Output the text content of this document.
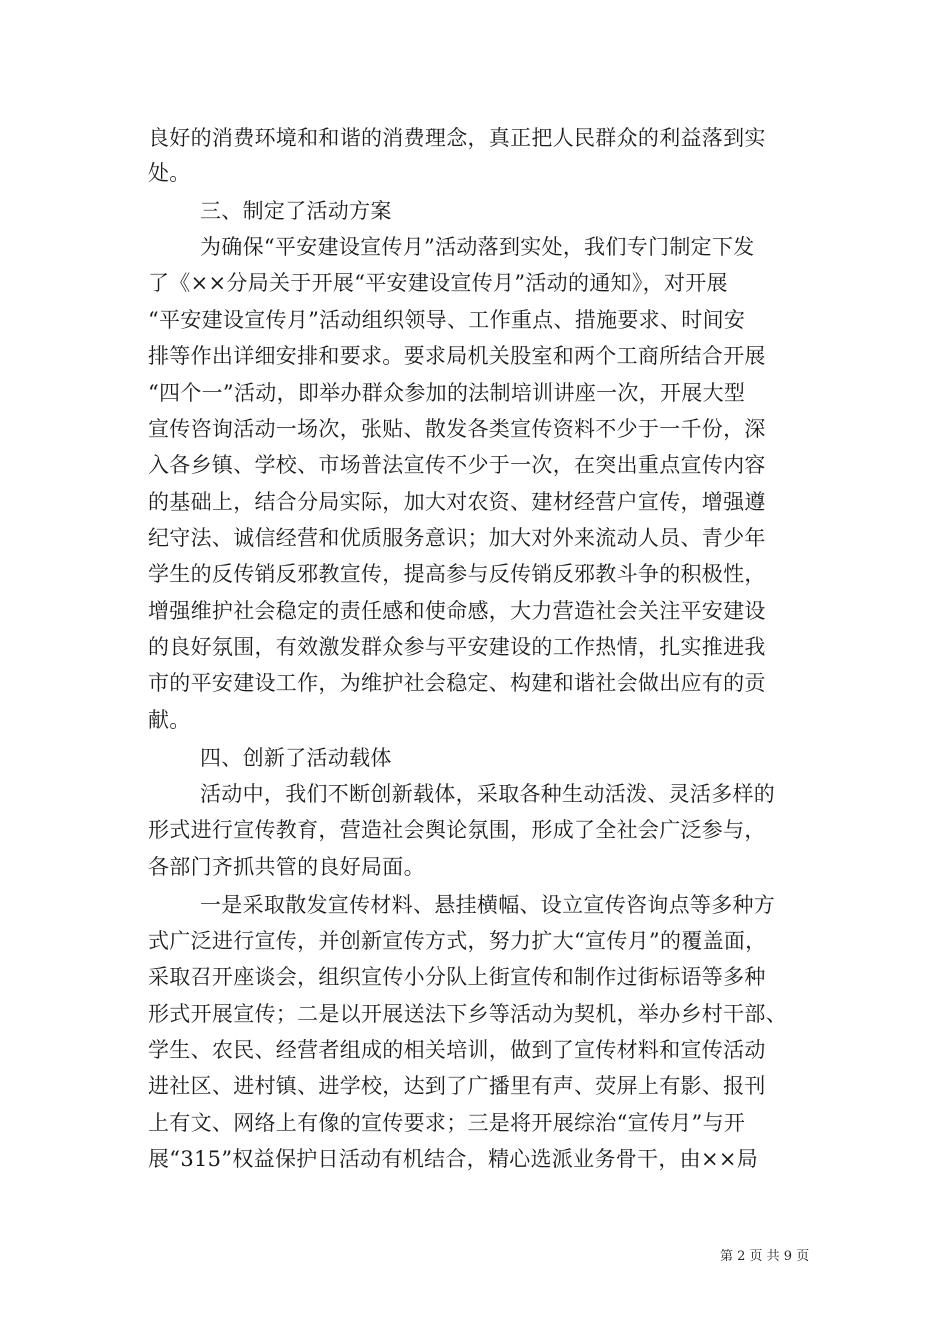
良好的消费环境和和谐的消费理念，真正把人民群众的利益落到实
处。
三、制定了活动方案
为确保“平安建设宣传月”活动落到实处，我们专门制定下发
了《××分局关于开展“平安建设宣传月”活动的通知》，对开展
“平安建设宣传月”活动组织领导、工作重点、措施要求、时间安
排等作出详细安排和要求。要求局机关股室和两个工商所结合开展
“四个一”活动，即举办群众参加的法制培训讲座一次，开展大型
宣传咨询活动一场次，张贴、散发各类宣传资料不少于一千份，深
入各乡镇、学校、市场普法宣传不少于一次，在突出重点宣传内容
的基础上，结合分局实际，加大对农资、建材经营户宣传，增强遵
纪守法、诚信经营和优质服务意识；加大对外来流动人员、青少年
学生的反传销反邪教宣传，提高参与反传销反邪教斗争的积极性，
增强维护社会稳定的责任感和使命感，大力营造社会关注平安建设
的良好氛围，有效激发群众参与平安建设的工作热情，扎实推进我
市的平安建设工作，为维护社会稳定、构建和谐社会做出应有的贡
献。
四、创新了活动载体
活动中，我们不断创新载体，采取各种生动活泼、灵活多样的
形式进行宣传教育，营造社会舆论氛围，形成了全社会广泛参与，
各部门齐抓共管的良好局面。
一是采取散发宣传材料、悬挂横幅、设立宣传咨询点等多种方
式广泛进行宣传，并创新宣传方式，努力扩大“宣传月”的覆盖面，
采取召开座谈会，组织宣传小分队上街宣传和制作过街标语等多种
形式开展宣传；二是以开展送法下乡等活动为契机，举办乡村干部、
学生、农民、经营者组成的相关培训，做到了宣传材料和宣传活动
进社区、进村镇、进学校，达到了广播里有声、荧屏上有影、报刊
上有文、网络上有像的宣传要求；三是将开展综治“宣传月”与开
展“315”权益保护日活动有机结合，精心选派业务骨干，由××局
第 2 页 共 9 页
